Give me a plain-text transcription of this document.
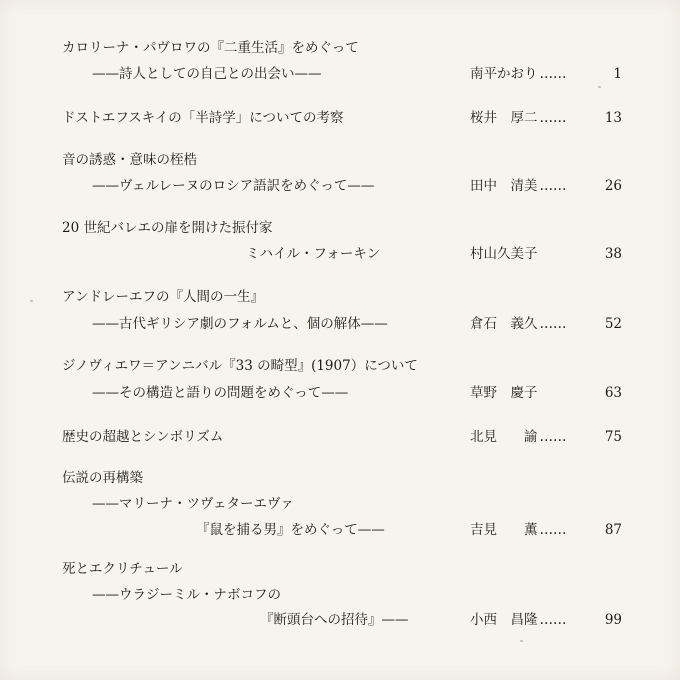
カロリーナ・パヴロワの『二重生活』をめぐって
——詩人としての自己との出会い——	南平かおり ……	1
ドストエフスキイの「半詩学」についての考察	桜井　厚二 ……	13
音の誘惑・意味の桎梏
——ヴェルレーヌのロシア語訳をめぐって——	田中　清美 ……	26
20 世紀バレエの扉を開けた振付家
ミハイル・フォーキン	村山久美子	38
アンドレーエフの『人間の一生』
——古代ギリシア劇のフォルムと、個の解体——	倉石　義久 ……	52
ジノヴィエワ＝アンニバル『33 の畸型』(1907）について
——その構造と語りの問題をめぐって——	草野　慶子	63
歴史の超越とシンボリズム	北見　　諭 ……	75
伝説の再構築
——マリーナ・ツヴェターエヴァ
『鼠を捕る男』をめぐって——	吉見　　薫 ……	87
死とエクリチュール
——ウラジーミル・ナボコフの
『断頭台への招待』——	小西　昌隆 ……	99
